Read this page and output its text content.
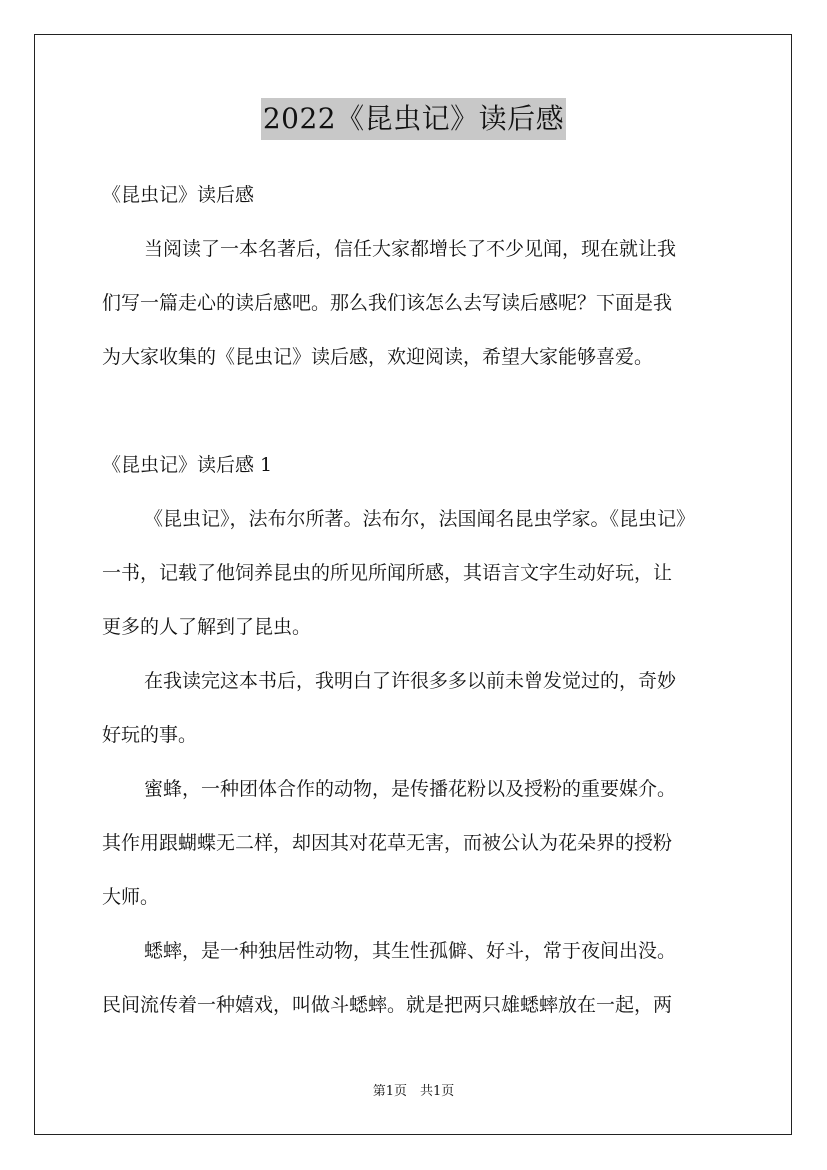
2022《昆虫记》读后感
《昆虫记》读后感
当阅读了一本名著后，信任大家都增长了不少见闻，现在就让我
们写一篇走心的读后感吧。那么我们该怎么去写读后感呢？下面是我
为大家收集的《昆虫记》读后感，欢迎阅读，希望大家能够喜爱。
《昆虫记》读后感 1
《昆虫记》，法布尔所著。法布尔，法国闻名昆虫学家。《昆虫记》
一书，记载了他饲养昆虫的所见所闻所感，其语言文字生动好玩，让
更多的人了解到了昆虫。
在我读完这本书后，我明白了许很多多以前未曾发觉过的，奇妙
好玩的事。
蜜蜂，一种团体合作的动物，是传播花粉以及授粉的重要媒介。
其作用跟蝴蝶无二样，却因其对花草无害，而被公认为花朵界的授粉
大师。
蟋蟀，是一种独居性动物，其生性孤僻、好斗，常于夜间出没。
民间流传着一种嬉戏，叫做斗蟋蟀。就是把两只雄蟋蟀放在一起，两
第1页　共1页
